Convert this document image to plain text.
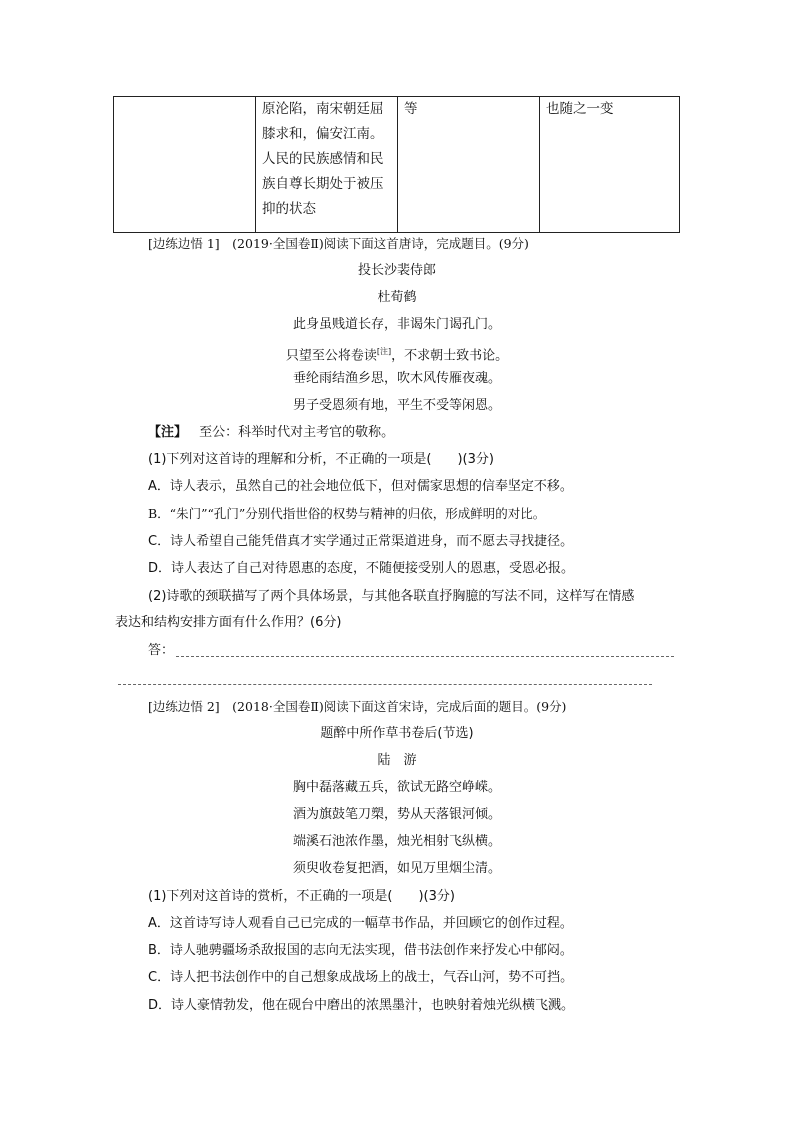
原沦陷，南宋朝廷屈
膝求和，偏安江南。
人民的民族感情和民
族自尊长期处于被压
抑的状态
等	也随之一变
[边练边悟 1]　(2019·全国卷Ⅱ)阅读下面这首唐诗，完成题目。(9分)
投长沙裴侍郎
杜荀鹤
此身虽贱道长存，非谒朱门谒孔门。
只望至公将卷读[注]，不求朝士致书论。
垂纶雨结渔乡思，吹木风传雁夜魂。
男子受恩须有地，平生不受等闲恩。
【注】 至公：科举时代对主考官的敬称。
(1)下列对这首诗的理解和分析，不正确的一项是(　　)(3分)
A．诗人表示，虽然自己的社会地位低下，但对儒家思想的信奉坚定不移。
B．“朱门”“孔门”分别代指世俗的权势与精神的归依，形成鲜明的对比。
C．诗人希望自己能凭借真才实学通过正常渠道进身，而不愿去寻找捷径。
D．诗人表达了自己对待恩惠的态度，不随便接受别人的恩惠，受恩必报。
(2)诗歌的颈联描写了两个具体场景，与其他各联直抒胸臆的写法不同，这样写在情感
表达和结构安排方面有什么作用？(6分)
答：
[边练边悟 2]　(2018·全国卷Ⅱ)阅读下面这首宋诗，完成后面的题目。(9分)
题醉中所作草书卷后(节选)
陆　游
胸中磊落藏五兵，欲试无路空峥嵘。
酒为旗鼓笔刀槊，势从天落银河倾。
端溪石池浓作墨，烛光相射飞纵横。
须臾收卷复把酒，如见万里烟尘清。
(1)下列对这首诗的赏析，不正确的一项是(　　)(3分)
A．这首诗写诗人观看自己已完成的一幅草书作品，并回顾它的创作过程。
B．诗人驰骋疆场杀敌报国的志向无法实现，借书法创作来抒发心中郁闷。
C．诗人把书法创作中的自己想象成战场上的战士，气吞山河，势不可挡。
D．诗人豪情勃发，他在砚台中磨出的浓黑墨汁，也映射着烛光纵横飞溅。
